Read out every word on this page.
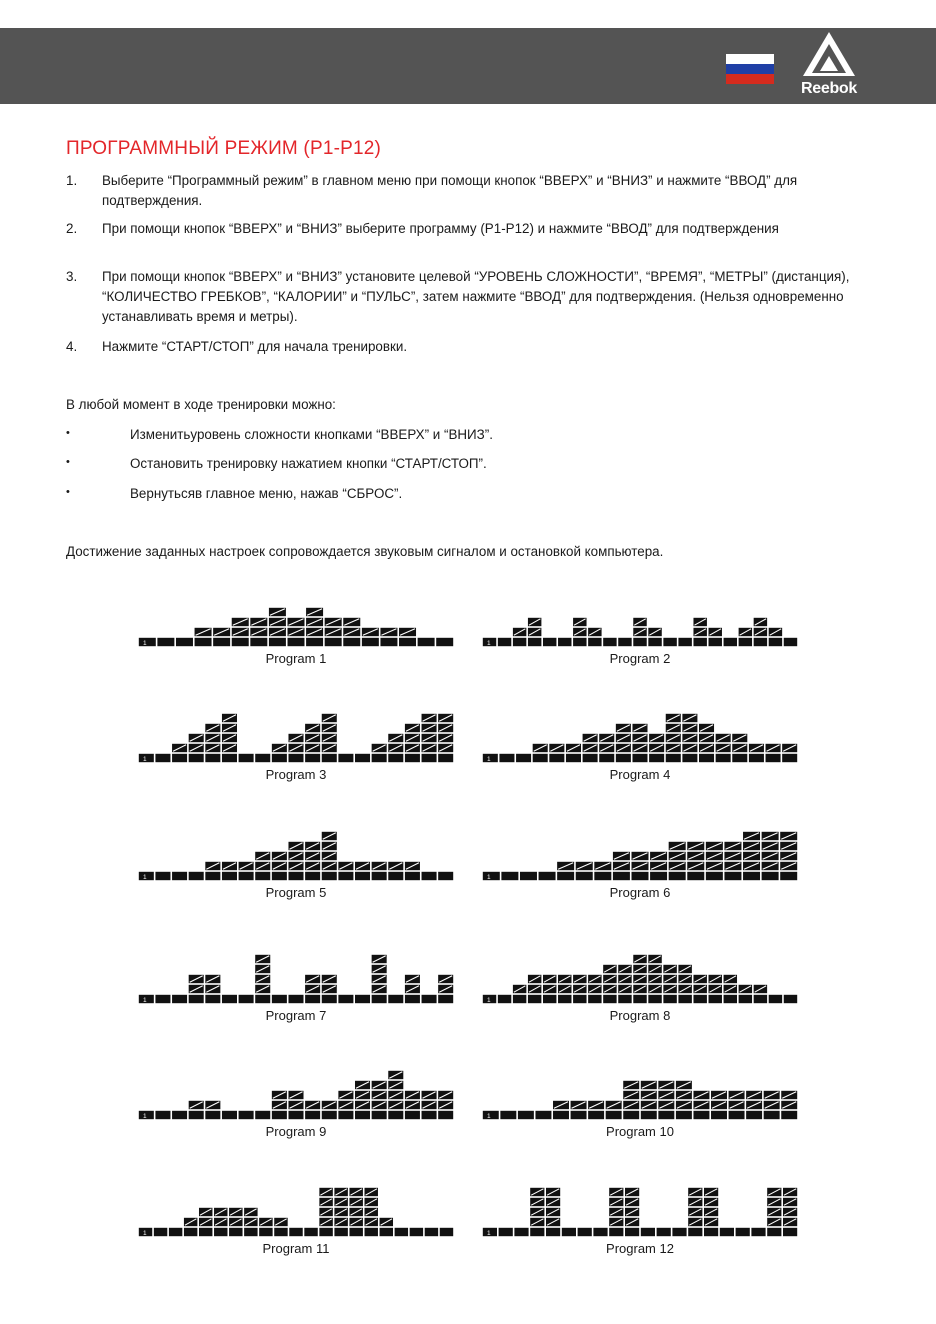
Reebok
ПРОГРАММНЫЙ РЕЖИМ (P1-P12)
1. Выберите “Программный режим” в главном меню при помощи кнопок “ВВЕРХ” и “ВНИЗ” и нажмите “ВВОД” для подтверждения.
2. При помощи кнопок “ВВЕРХ” и “ВНИЗ” выберите программу (P1-P12) и нажмите “ВВОД” для подтверждения
3. При помощи кнопок “ВВЕРХ” и “ВНИЗ” установите целевой “УРОВЕНЬ СЛОЖНОСТИ”, “ВРЕМЯ”, “МЕТРЫ” (дистанция), “КОЛИЧЕСТВО ГРЕБКОВ”, “КАЛОРИИ” и “ПУЛЬС”, затем нажмите “ВВОД” для подтверждения. (Нельзя одновременно устанавливать время и метры).
4. Нажмите “СТАРТ/СТОП” для начала тренировки.
В любой момент в ходе тренировки можно:
•	Изменитьуровень сложности кнопками “ВВЕРХ” и “ВНИЗ”.
•	Остановить тренировку нажатием кнопки “СТАРТ/СТОП”.
•	Вернутьсяв главное меню, нажав “СБРОС”.
Достижение заданных настроек сопровождается звуковым сигналом и остановкой компьютера.
1
Program 1
1
Program 2
1
Program 3
1
Program 4
1
Program 5
1
Program 6
1
Program 7
1
Program 8
1
Program 9
1
Program 10
1
Program 11
1
Program 12
